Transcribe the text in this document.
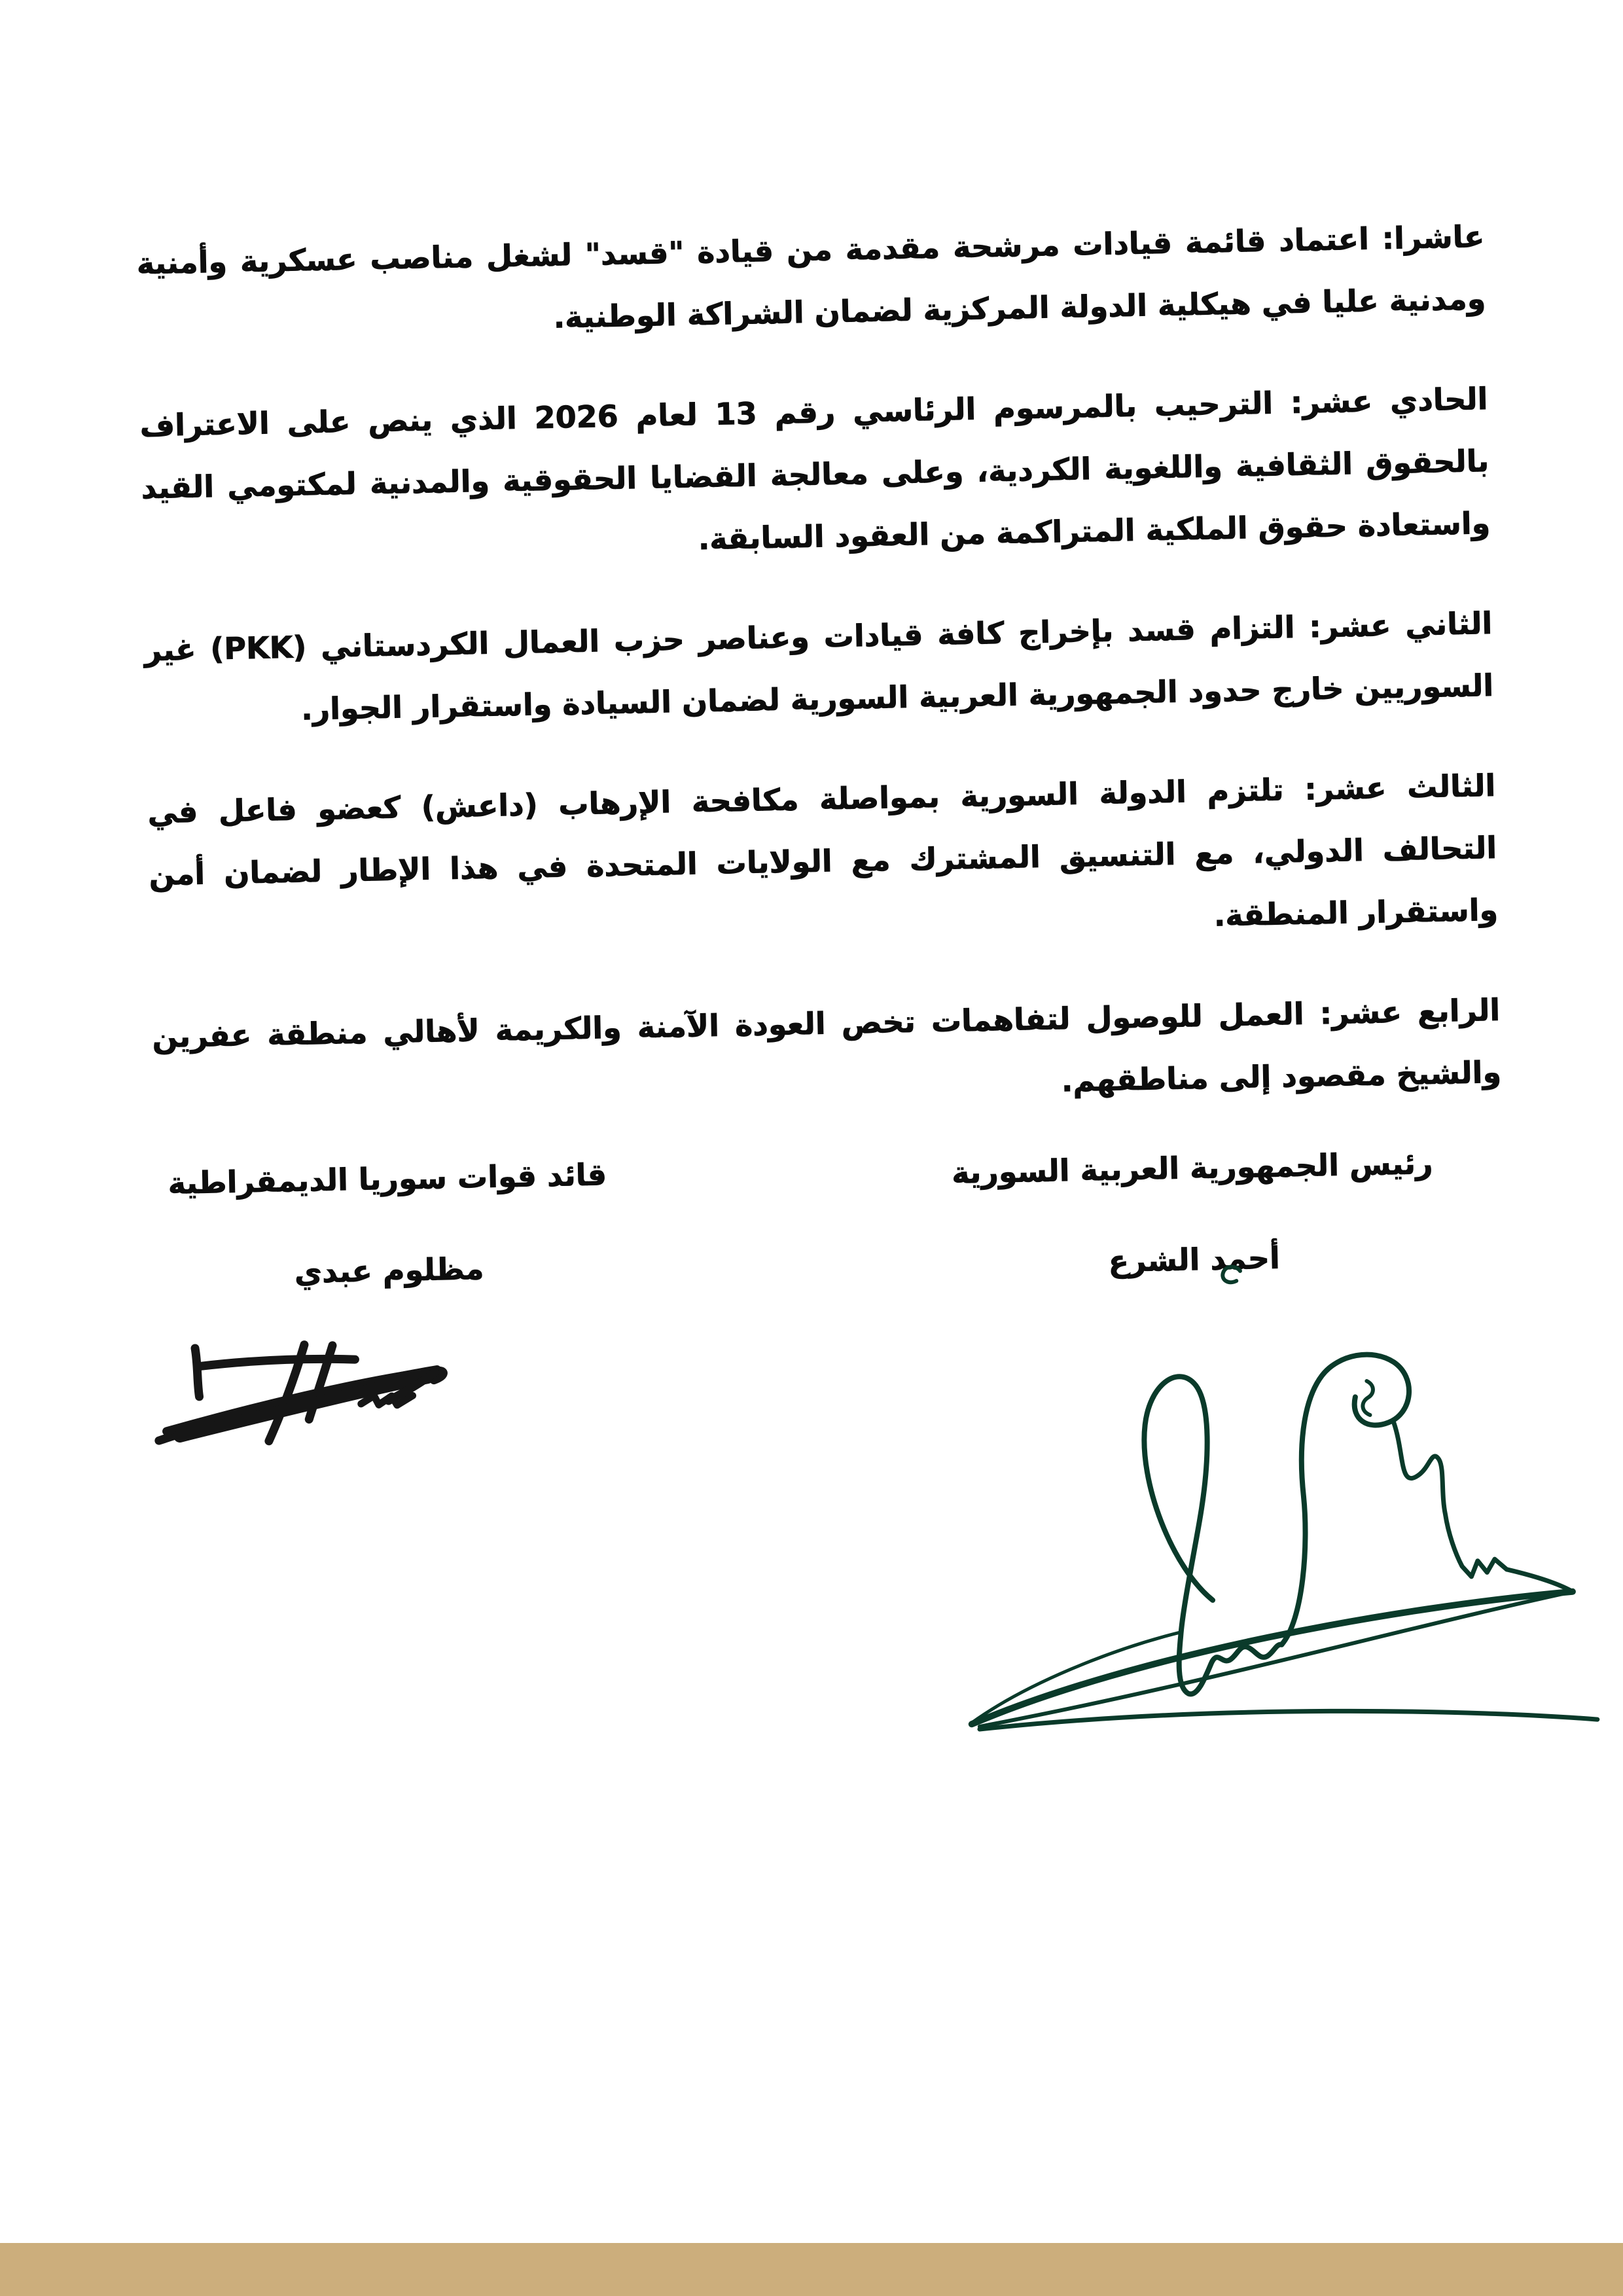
عاشرا: اعتماد قائمة قيادات مرشحة مقدمة من قيادة "قسد" لشغل مناصب عسكرية وأمنية ومدنية عليا في هيكلية الدولة المركزية لضمان الشراكة الوطنية.

الحادي عشر: الترحيب بالمرسوم الرئاسي رقم 13 لعام 2026 الذي ينص على الاعتراف بالحقوق الثقافية واللغوية الكردية، وعلى معالجة القضايا الحقوقية والمدنية لمكتومي القيد واستعادة حقوق الملكية المتراكمة من العقود السابقة.

الثاني عشر: التزام قسد بإخراج كافة قيادات وعناصر حزب العمال الكردستاني (PKK) غير السوريين خارج حدود الجمهورية العربية السورية لضمان السيادة واستقرار الجوار.

الثالث عشر: تلتزم الدولة السورية بمواصلة مكافحة الإرهاب (داعش) كعضو فاعل في التحالف الدولي، مع التنسيق المشترك مع الولايات المتحدة في هذا الإطار لضمان أمن واستقرار المنطقة.

الرابع عشر: العمل للوصول لتفاهمات تخص العودة الآمنة والكريمة لأهالي منطقة عفرين والشيخ مقصود إلى مناطقهم.

رئيس الجمهورية العربية السورية

أحمد الشرع

قائد قوات سوريا الديمقراطية

مظلوم عبدي
